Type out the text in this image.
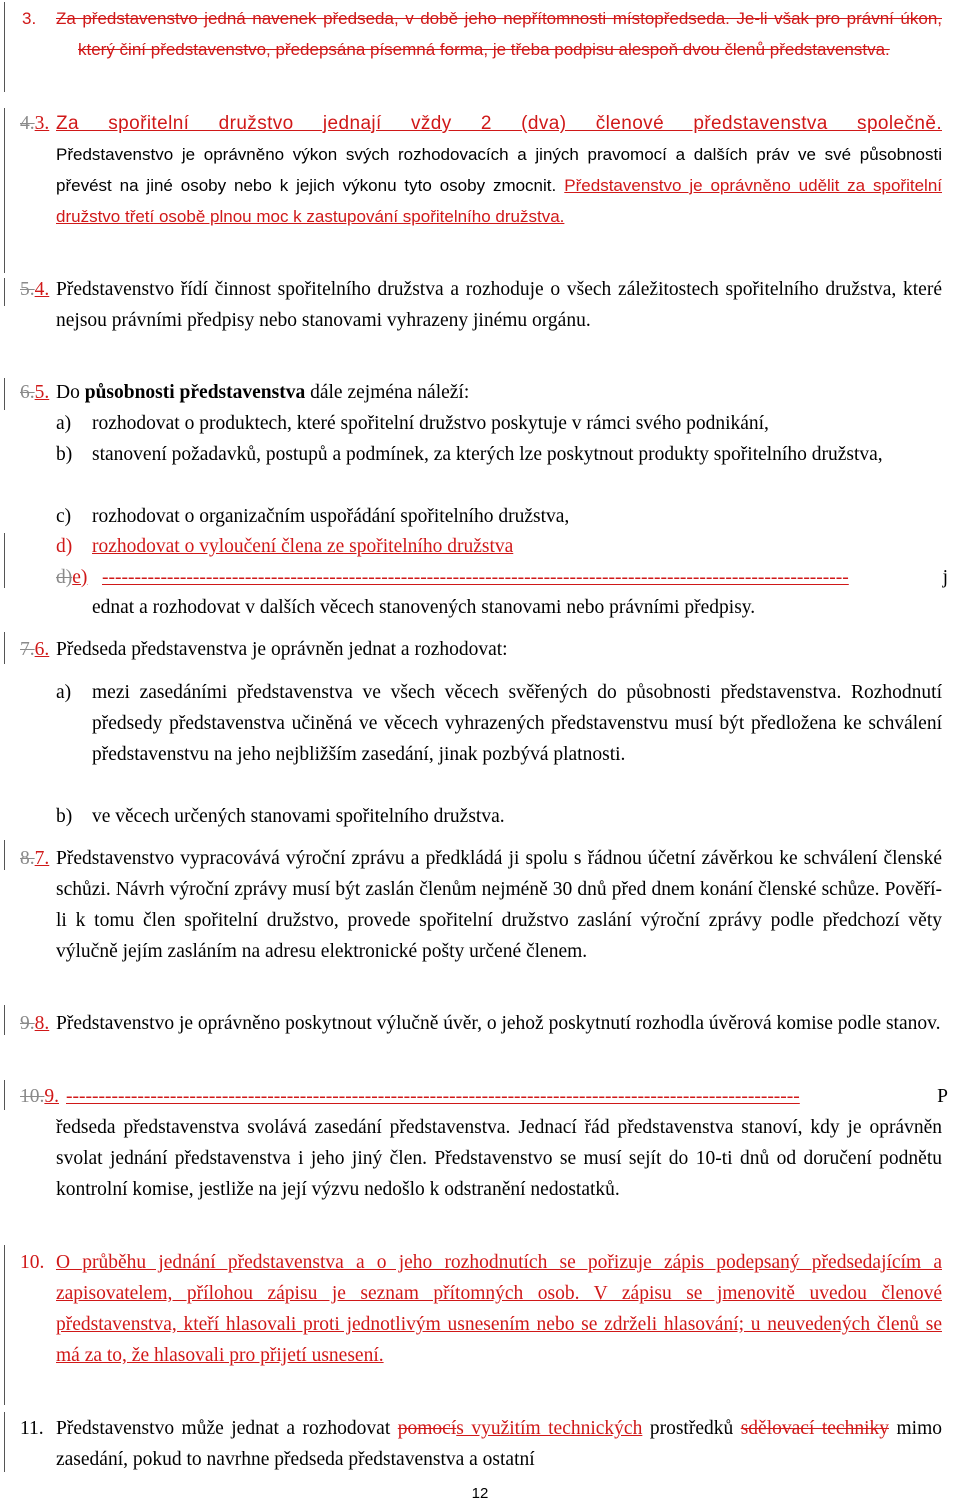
3. Za představenstvo jedná navenek předseda, v době jeho nepřítomnosti místopředseda. Je-li však pro právní úkon, který činí představenstvo, předepsána písemná forma, je třeba podpisu alespoň dvou členů představenstva.
4.3. Za spořitelní družstvo jednají vždy 2 (dva) členové představenstva společně. Představenstvo je oprávněno výkon svých rozhodovacích a jiných pravomocí a dalších práv ve své působnosti převést na jiné osoby nebo k jejich výkonu tyto osoby zmocnit. Představenstvo je oprávněno udělit za spořitelní družstvo třetí osobě plnou moc k zastupování spořitelního družstva.
5.4. Představenstvo řídí činnost spořitelního družstva a rozhoduje o všech záležitostech spořitelního družstva, které nejsou právními předpisy nebo stanovami vyhrazeny jinému orgánu.
6.5. Do působnosti představenstva dále zejména náleží:
a) rozhodovat o produktech, které spořitelní družstvo poskytuje v rámci svého podnikání,
b) stanovení požadavků, postupů a podmínek, za kterých lze poskytnout produkty spořitelního družstva,
c) rozhodovat o organizačním uspořádání spořitelního družstva,
d) rozhodovat o vyloučení člena ze spořitelního družstva
d)e) -------------------------------------------------------------------------------------------------------------------	j
ednat a rozhodovat v dalších věcech stanovených stanovami nebo právními předpisy.
7.6. Předseda představenstva je oprávněn jednat a rozhodovat:
a) mezi zasedáními představenstva ve všech věcech svěřených do působnosti představenstva. Rozhodnutí předsedy představenstva učiněná ve věcech vyhrazených představenstvu musí být předložena ke schválení představenstvu na jeho nejbližším zasedání, jinak pozbývá platnosti.
b) ve věcech určených stanovami spořitelního družstva.
8.7. Představenstvo vypracovává výroční zprávu a předkládá ji spolu s řádnou účetní závěrkou ke schválení členské schůzi. Návrh výroční zprávy musí být zaslán členům nejméně 30 dnů před dnem konání členské schůze. Pověří-li k tomu člen spořitelní družstvo, provede spořitelní družstvo zaslání výroční zprávy podle předchozí věty výlučně jejím zasláním na adresu elektronické pošty určené členem.
9.8. Představenstvo je oprávněno poskytnout výlučně úvěr, o jehož poskytnutí rozhodla úvěrová komise podle stanov.
10.9. -----------------------------------------------------------------------------------------------------------------	P
ředseda představenstva svolává zasedání představenstva. Jednací řád představenstva stanoví, kdy je oprávněn svolat jednání představenstva i jeho jiný člen. Představenstvo se musí sejít do 10-ti dnů od doručení podnětu kontrolní komise, jestliže na její výzvu nedošlo k odstranění nedostatků.
10. O průběhu jednání představenstva a o jeho rozhodnutích se pořizuje zápis podepsaný předsedajícím a zapisovatelem, přílohou zápisu je seznam přítomných osob. V zápisu se jmenovitě uvedou členové představenstva, kteří hlasovali proti jednotlivým usnesením nebo se zdrželi hlasování; u neuvedených členů se má za to, že hlasovali pro přijetí usnesení.
11. Představenstvo může jednat a rozhodovat pomocís využitím technických prostředků sdělovací techniky mimo zasedání, pokud to navrhne předseda představenstva a ostatní
12
